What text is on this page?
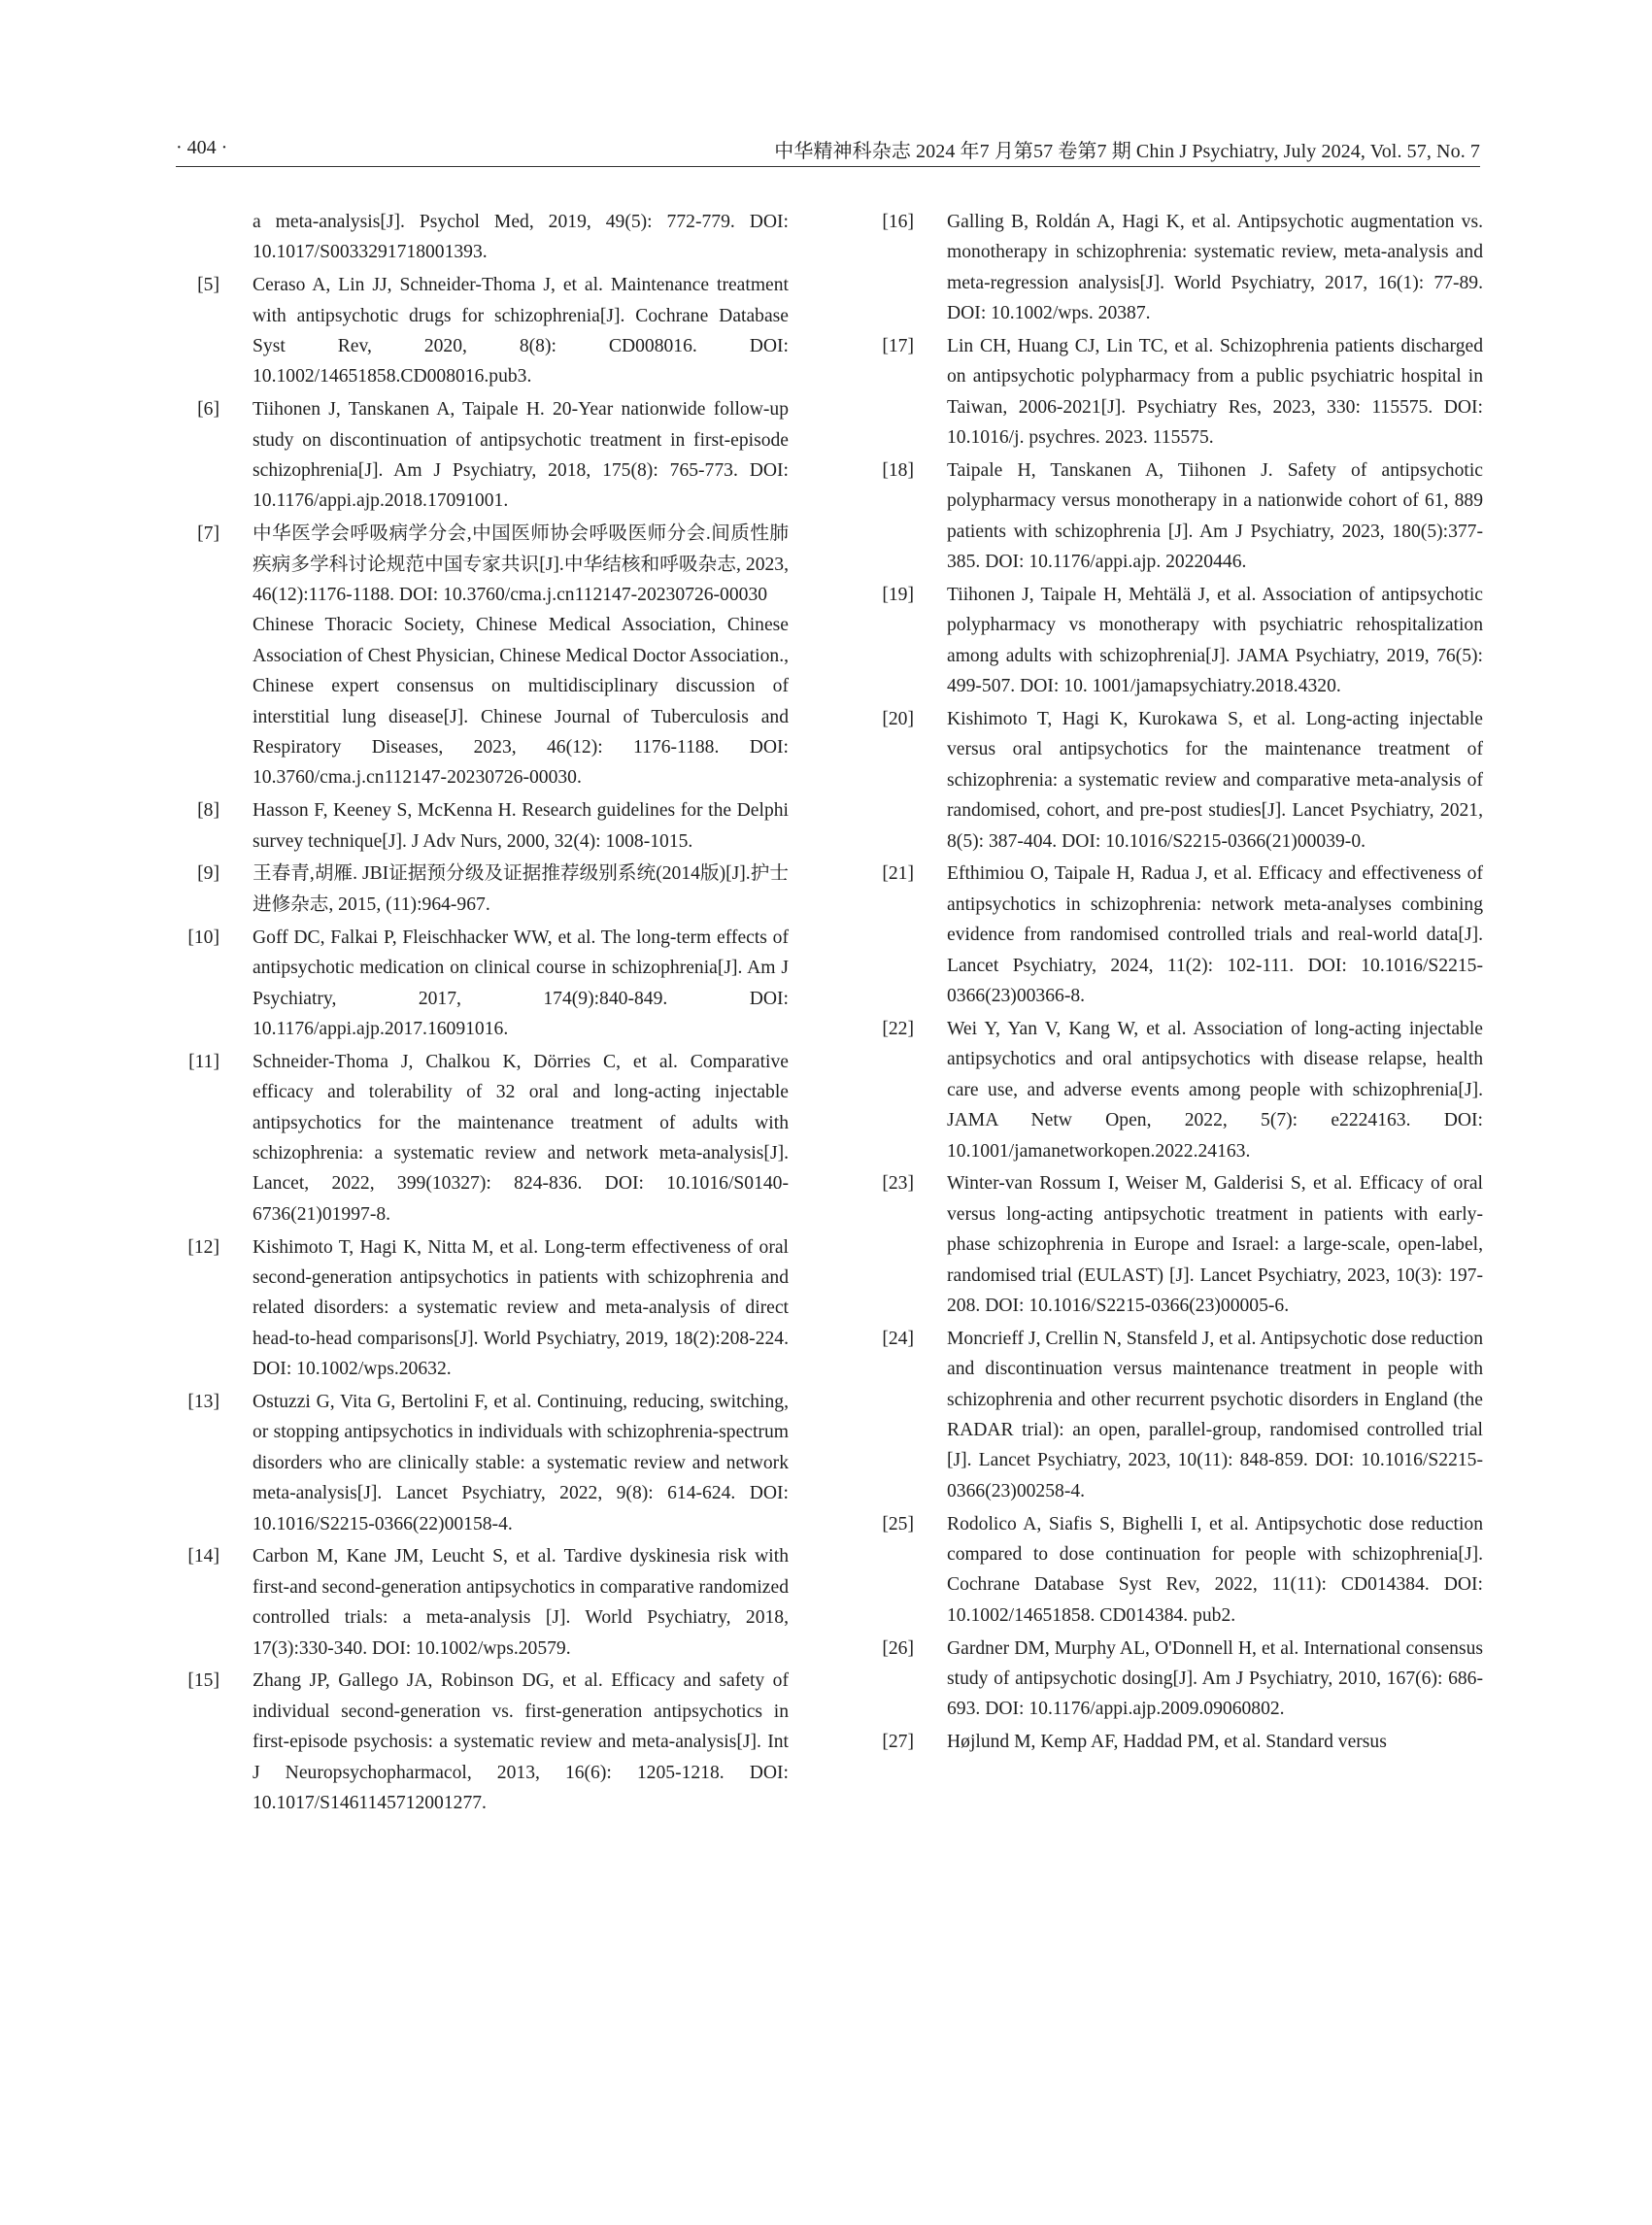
· 404 ·	中华精神科杂志 2024 年7 月第57 卷第7 期 Chin J Psychiatry, July 2024, Vol. 57, No. 7
a meta-analysis[J]. Psychol Med, 2019, 49(5): 772-779. DOI: 10.1017/S0033291718001393.
[5] Ceraso A, Lin JJ, Schneider-Thoma J, et al. Maintenance treatment with antipsychotic drugs for schizophrenia[J]. Cochrane Database Syst Rev, 2020, 8(8): CD008016. DOI: 10.1002/14651858.CD008016.pub3.
[6] Tiihonen J, Tanskanen A, Taipale H. 20-Year nationwide follow-up study on discontinuation of antipsychotic treatment in first-episode schizophrenia[J]. Am J Psychiatry, 2018, 175(8): 765-773. DOI: 10.1176/appi.ajp.2018.17091001.
[7] 中华医学会呼吸病学分会,中国医师协会呼吸医师分会.间质性肺疾病多学科讨论规范中国专家共识[J].中华结核和呼吸杂志, 2023, 46(12):1176-1188. DOI: 10.3760/cma.j.cn112147-20230726-00030
Chinese Thoracic Society, Chinese Medical Association, Chinese Association of Chest Physician, Chinese Medical Doctor Association., Chinese expert consensus on multidisciplinary discussion of interstitial lung disease[J]. Chinese Journal of Tuberculosis and Respiratory Diseases, 2023, 46(12): 1176-1188. DOI: 10.3760/cma.j.cn112147-20230726-00030.
[8] Hasson F, Keeney S, McKenna H. Research guidelines for the Delphi survey technique[J]. J Adv Nurs, 2000, 32(4): 1008-1015.
[9] 王春青,胡雁. JBI证据预分级及证据推荐级别系统(2014版)[J].护士进修杂志, 2015, (11):964-967.
[10] Goff DC, Falkai P, Fleischhacker WW, et al. The long-term effects of antipsychotic medication on clinical course in schizophrenia[J]. Am J Psychiatry, 2017, 174(9):840-849. DOI: 10.1176/appi.ajp.2017.16091016.
[11] Schneider-Thoma J, Chalkou K, Dörries C, et al. Comparative efficacy and tolerability of 32 oral and long-acting injectable antipsychotics for the maintenance treatment of adults with schizophrenia: a systematic review and network meta-analysis[J]. Lancet, 2022, 399(10327): 824-836. DOI: 10.1016/S0140-6736(21)01997-8.
[12] Kishimoto T, Hagi K, Nitta M, et al. Long-term effectiveness of oral second-generation antipsychotics in patients with schizophrenia and related disorders: a systematic review and meta-analysis of direct head-to-head comparisons[J]. World Psychiatry, 2019, 18(2):208-224. DOI: 10.1002/wps.20632.
[13] Ostuzzi G, Vita G, Bertolini F, et al. Continuing, reducing, switching, or stopping antipsychotics in individuals with schizophrenia-spectrum disorders who are clinically stable: a systematic review and network meta-analysis[J]. Lancet Psychiatry, 2022, 9(8): 614-624. DOI: 10.1016/S2215-0366(22)00158-4.
[14] Carbon M, Kane JM, Leucht S, et al. Tardive dyskinesia risk with first-and second-generation antipsychotics in comparative randomized controlled trials: a meta-analysis [J]. World Psychiatry, 2018, 17(3):330-340. DOI: 10.1002/wps.20579.
[15] Zhang JP, Gallego JA, Robinson DG, et al. Efficacy and safety of individual second-generation vs. first-generation antipsychotics in first-episode psychosis: a systematic review and meta-analysis[J]. Int J Neuropsychopharmacol, 2013, 16(6): 1205-1218. DOI: 10.1017/S1461145712001277.
[16] Galling B, Roldán A, Hagi K, et al. Antipsychotic augmentation vs. monotherapy in schizophrenia: systematic review, meta-analysis and meta-regression analysis[J]. World Psychiatry, 2017, 16(1): 77-89. DOI: 10.1002/wps. 20387.
[17] Lin CH, Huang CJ, Lin TC, et al. Schizophrenia patients discharged on antipsychotic polypharmacy from a public psychiatric hospital in Taiwan, 2006-2021[J]. Psychiatry Res, 2023, 330: 115575. DOI: 10.1016/j. psychres. 2023. 115575.
[18] Taipale H, Tanskanen A, Tiihonen J. Safety of antipsychotic polypharmacy versus monotherapy in a nationwide cohort of 61, 889 patients with schizophrenia [J]. Am J Psychiatry, 2023, 180(5):377-385. DOI: 10.1176/appi.ajp. 20220446.
[19] Tiihonen J, Taipale H, Mehtälä J, et al. Association of antipsychotic polypharmacy vs monotherapy with psychiatric rehospitalization among adults with schizophrenia[J]. JAMA Psychiatry, 2019, 76(5): 499-507. DOI: 10. 1001/jamapsychiatry.2018.4320.
[20] Kishimoto T, Hagi K, Kurokawa S, et al. Long-acting injectable versus oral antipsychotics for the maintenance treatment of schizophrenia: a systematic review and comparative meta-analysis of randomised, cohort, and pre-post studies[J]. Lancet Psychiatry, 2021, 8(5): 387-404. DOI: 10.1016/S2215-0366(21)00039-0.
[21] Efthimiou O, Taipale H, Radua J, et al. Efficacy and effectiveness of antipsychotics in schizophrenia: network meta-analyses combining evidence from randomised controlled trials and real-world data[J]. Lancet Psychiatry, 2024, 11(2): 102-111. DOI: 10.1016/S2215-0366(23)00366-8.
[22] Wei Y, Yan V, Kang W, et al. Association of long-acting injectable antipsychotics and oral antipsychotics with disease relapse, health care use, and adverse events among people with schizophrenia[J]. JAMA Netw Open, 2022, 5(7): e2224163. DOI: 10.1001/jamanetworkopen.2022.24163.
[23] Winter-van Rossum I, Weiser M, Galderisi S, et al. Efficacy of oral versus long-acting antipsychotic treatment in patients with early-phase schizophrenia in Europe and Israel: a large-scale, open-label, randomised trial (EULAST) [J]. Lancet Psychiatry, 2023, 10(3): 197-208. DOI: 10.1016/S2215-0366(23)00005-6.
[24] Moncrieff J, Crellin N, Stansfeld J, et al. Antipsychotic dose reduction and discontinuation versus maintenance treatment in people with schizophrenia and other recurrent psychotic disorders in England (the RADAR trial): an open, parallel-group, randomised controlled trial [J]. Lancet Psychiatry, 2023, 10(11): 848-859. DOI: 10.1016/S2215-0366(23)00258-4.
[25] Rodolico A, Siafis S, Bighelli I, et al. Antipsychotic dose reduction compared to dose continuation for people with schizophrenia[J]. Cochrane Database Syst Rev, 2022, 11(11): CD014384. DOI: 10.1002/14651858. CD014384. pub2.
[26] Gardner DM, Murphy AL, O'Donnell H, et al. International consensus study of antipsychotic dosing[J]. Am J Psychiatry, 2010, 167(6): 686-693. DOI: 10.1176/appi.ajp.2009.09060802.
[27] Højlund M, Kemp AF, Haddad PM, et al. Standard versus
